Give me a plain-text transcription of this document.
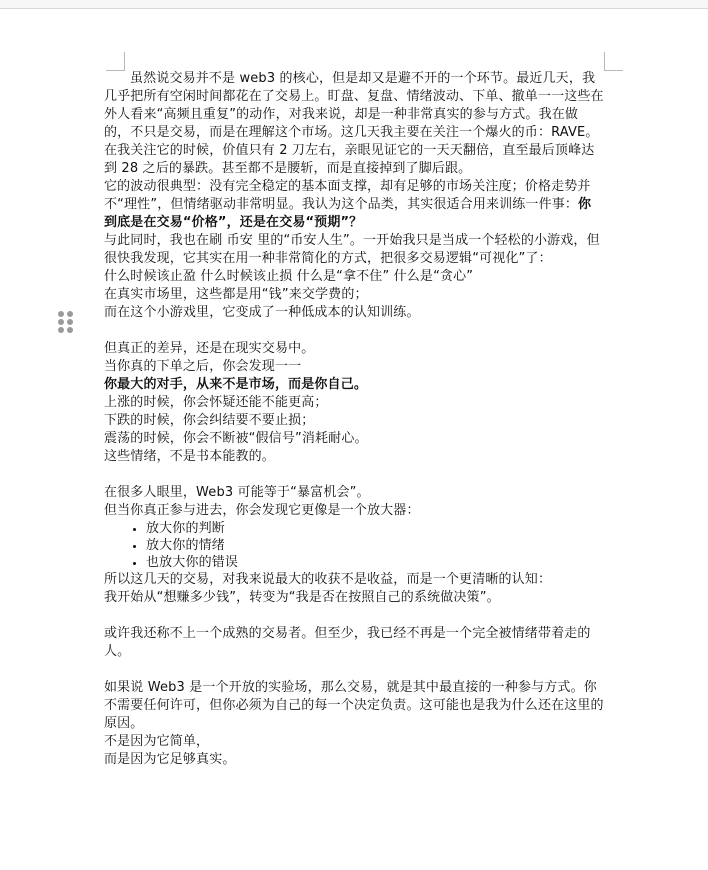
虽然说交易并不是 web3 的核心，但是却又是避不开的一个环节。最近几天，我几乎把所有空闲时间都花在了交易上。盯盘、复盘、情绪波动、下单、撤单一一这些在外人看来“高频且重复”的动作，对我来说，却是一种非常真实的参与方式。我在做的，不只是交易，而是在理解这个市场。这几天我主要在关注一个爆火的币：RAVE。在我关注它的时候，价值只有 2 刀左右，亲眼见证它的一天天翻倍，直至最后顶峰达到 28 之后的暴跌。甚至都不是腰斩，而是直接掉到了脚后跟。

它的波动很典型：没有完全稳定的基本面支撑，却有足够的市场关注度；价格走势并不“理性”，但情绪驱动非常明显。我认为这个品类，其实很适合用来训练一件事：你到底是在交易“价格”，还是在交易“预期”？

与此同时，我也在刷 币安 里的“币安人生”。一开始我只是当成一个轻松的小游戏，但很快我发现，它其实在用一种非常简化的方式，把很多交易逻辑“可视化”了：

什么时候该止盈 什么时候该止损 什么是“拿不住” 什么是“贪心”

在真实市场里，这些都是用“钱”来交学费的；

而在这个小游戏里，它变成了一种低成本的认知训练。

但真正的差异，还是在现实交易中。

当你真的下单之后，你会发现一一

你最大的对手，从来不是市场，而是你自己。

上涨的时候，你会怀疑还能不能更高；

下跌的时候，你会纠结要不要止损；

震荡的时候，你会不断被“假信号”消耗耐心。

这些情绪，不是书本能教的。

在很多人眼里，Web3 可能等于“暴富机会”。

但当你真正参与进去，你会发现它更像是一个放大器：

• 放大你的判断
• 放大你的情绪
• 也放大你的错误

所以这几天的交易，对我来说最大的收获不是收益，而是一个更清晰的认知：

我开始从“想赚多少钱”，转变为“我是否在按照自己的系统做决策”。

或许我还称不上一个成熟的交易者。但至少，我已经不再是一个完全被情绪带着走的人。

如果说 Web3 是一个开放的实验场，那么交易，就是其中最直接的一种参与方式。你不需要任何许可，但你必须为自己的每一个决定负责。这可能也是我为什么还在这里的原因。

不是因为它简单，

而是因为它足够真实。
